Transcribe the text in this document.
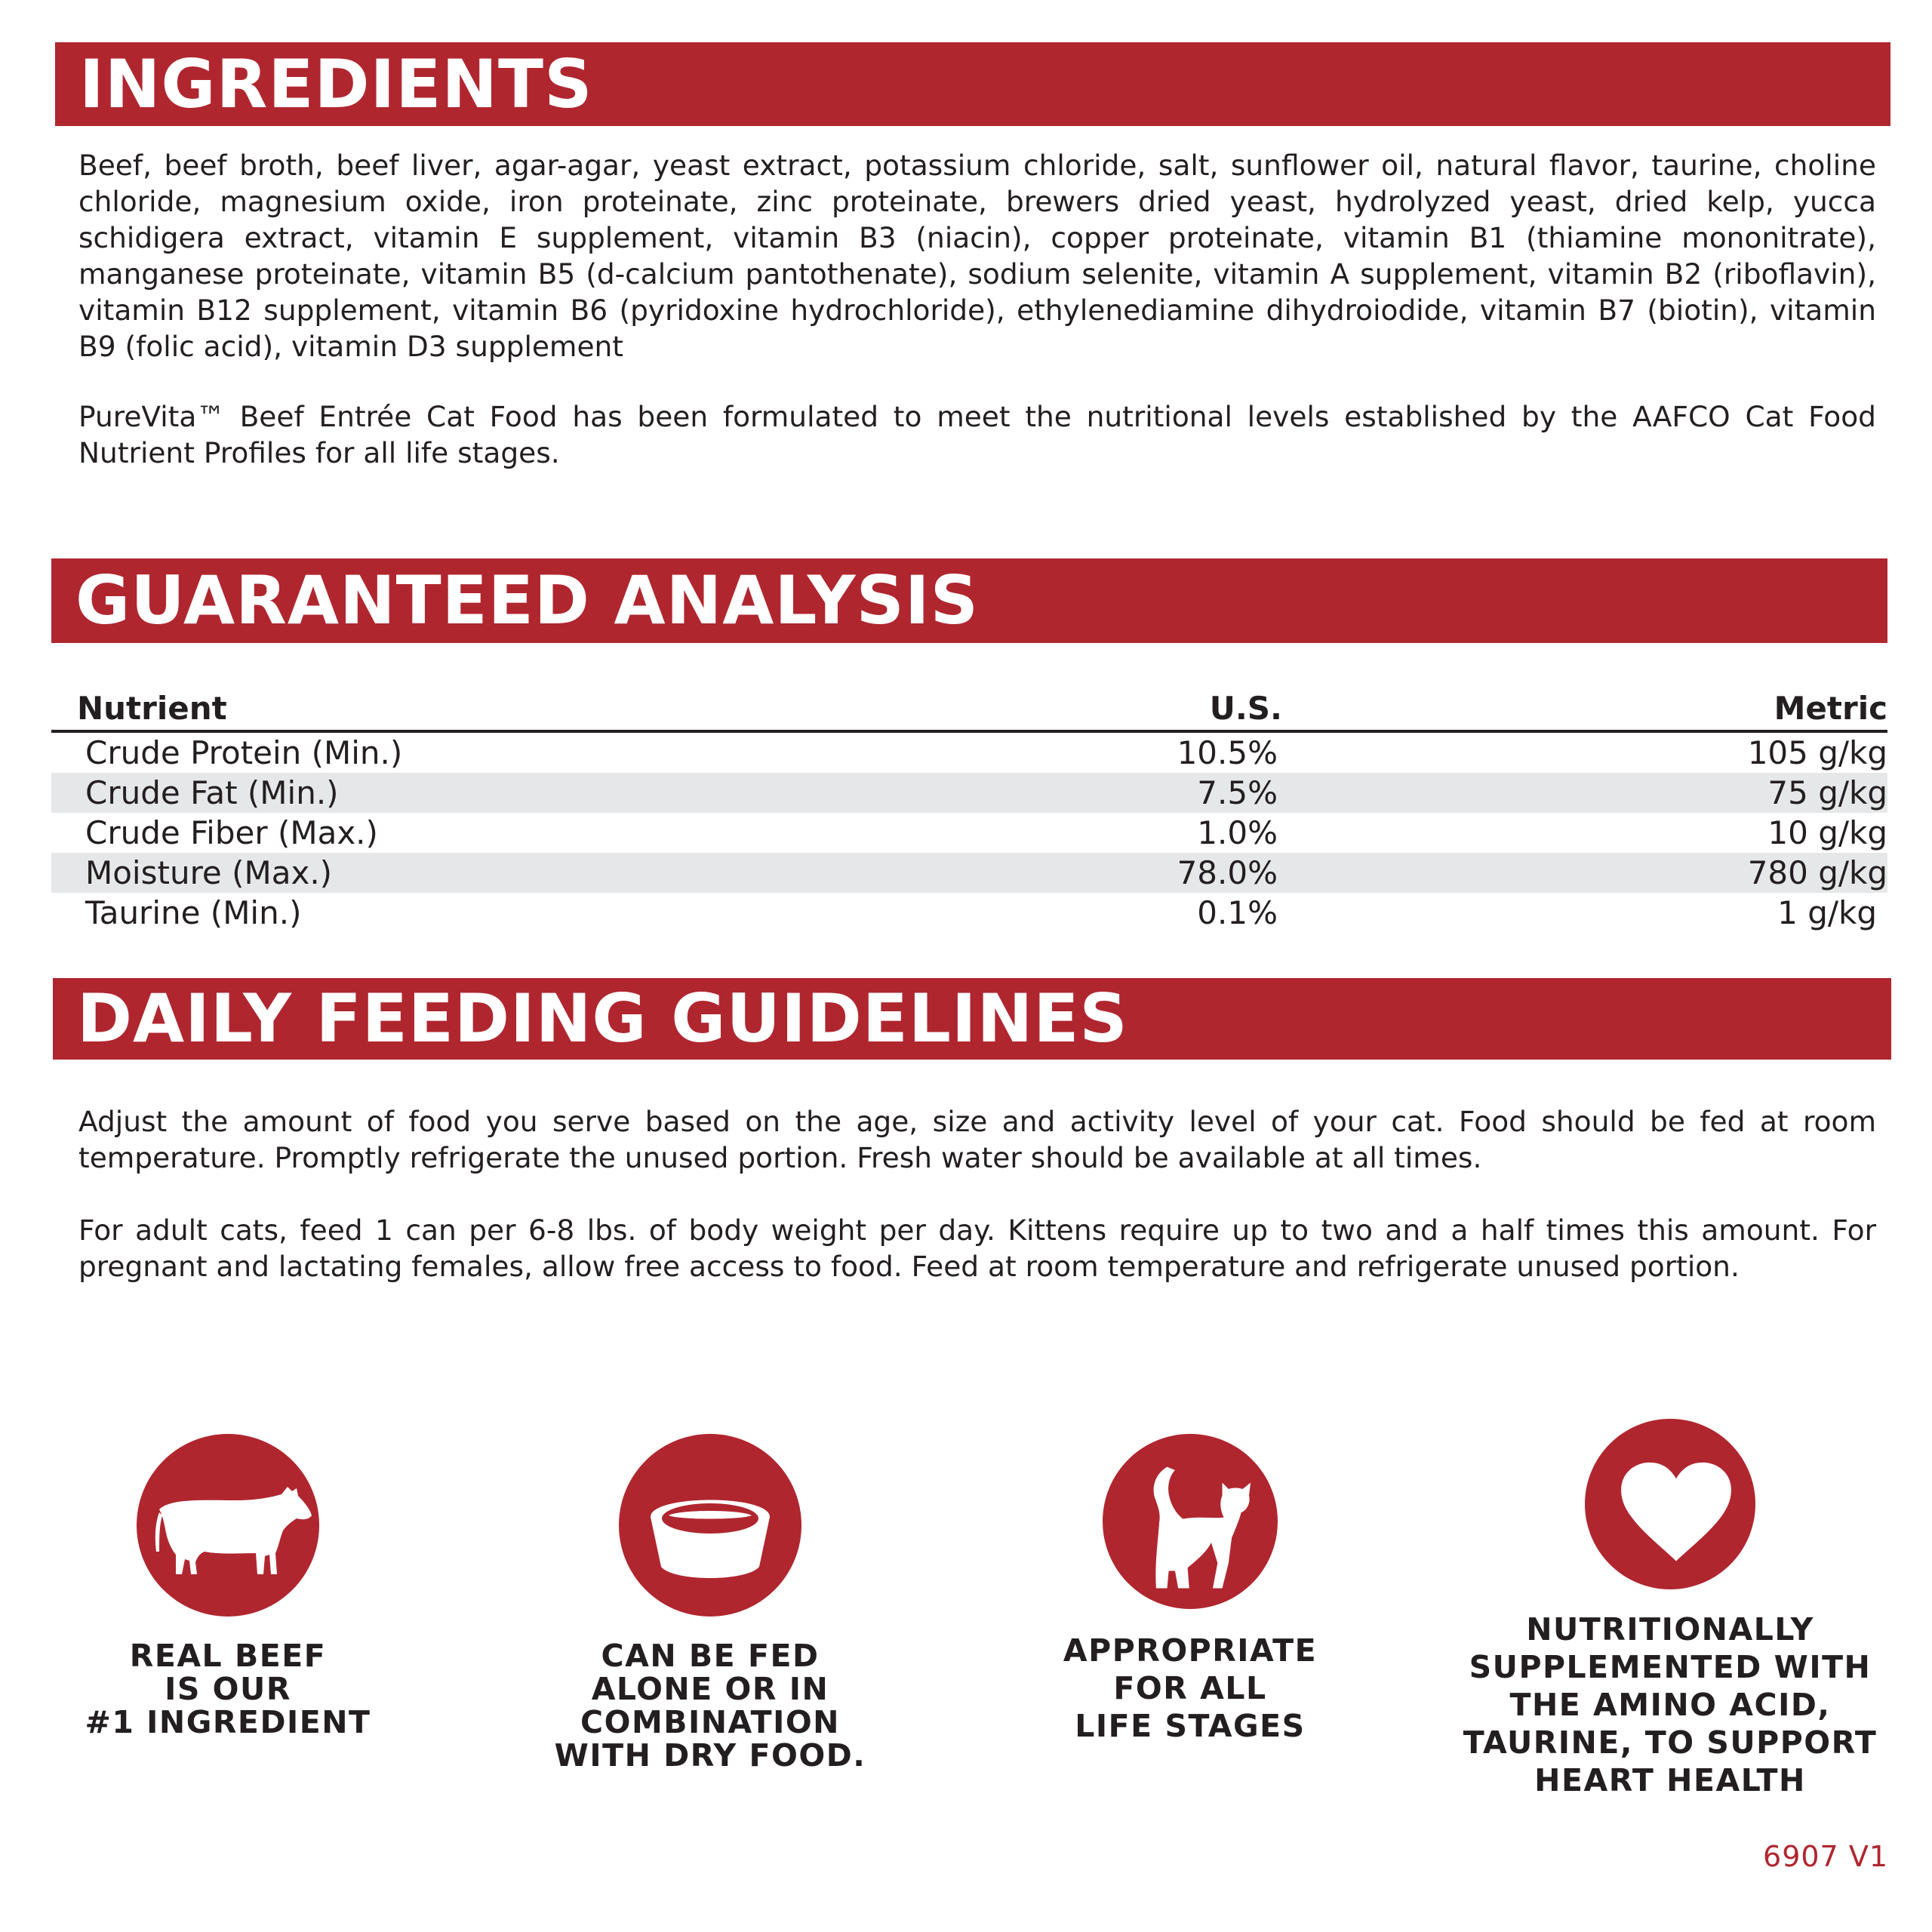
INGREDIENTS

Beef, beef broth, beef liver, agar-agar, yeast extract, potassium chloride, salt, sunflower oil, natural flavor, taurine, choline chloride, magnesium oxide, iron proteinate, zinc proteinate, brewers dried yeast, hydrolyzed yeast, dried kelp, yucca schidigera extract, vitamin E supplement, vitamin B3 (niacin), copper proteinate, vitamin B1 (thiamine mononitrate), manganese proteinate, vitamin B5 (d-calcium pantothenate), sodium selenite, vitamin A supplement, vitamin B2 (riboflavin), vitamin B12 supplement, vitamin B6 (pyridoxine hydrochloride), ethylenediamine dihydroiodide, vitamin B7 (biotin), vitamin B9 (folic acid), vitamin D3 supplement

PureVita™ Beef Entrée Cat Food has been formulated to meet the nutritional levels established by the AAFCO Cat Food Nutrient Profiles for all life stages.

GUARANTEED ANALYSIS
Nutrient	U.S.	Metric
Crude Protein (Min.)	10.5%	105 g/kg
Crude Fat (Min.)	7.5%	75 g/kg
Crude Fiber (Max.)	1.0%	10 g/kg
Moisture (Max.)	78.0%	780 g/kg
Taurine (Min.)	0.1%	1 g/kg
DAILY FEEDING GUIDELINES

Adjust the amount of food you serve based on the age, size and activity level of your cat. Food should be fed at room temperature. Promptly refrigerate the unused portion. Fresh water should be available at all times.

For adult cats, feed 1 can per 6-8 lbs. of body weight per day. Kittens require up to two and a half times this amount. For pregnant and lactating females, allow free access to food. Feed at room temperature and refrigerate unused portion.

REAL BEEF
IS OUR
#1 INGREDIENT

CAN BE FED
ALONE OR IN
COMBINATION
WITH DRY FOOD.

APPROPRIATE
FOR ALL
LIFE STAGES

NUTRITIONALLY
SUPPLEMENTED WITH
THE AMINO ACID,
TAURINE, TO SUPPORT
HEART HEALTH

6907 V1
